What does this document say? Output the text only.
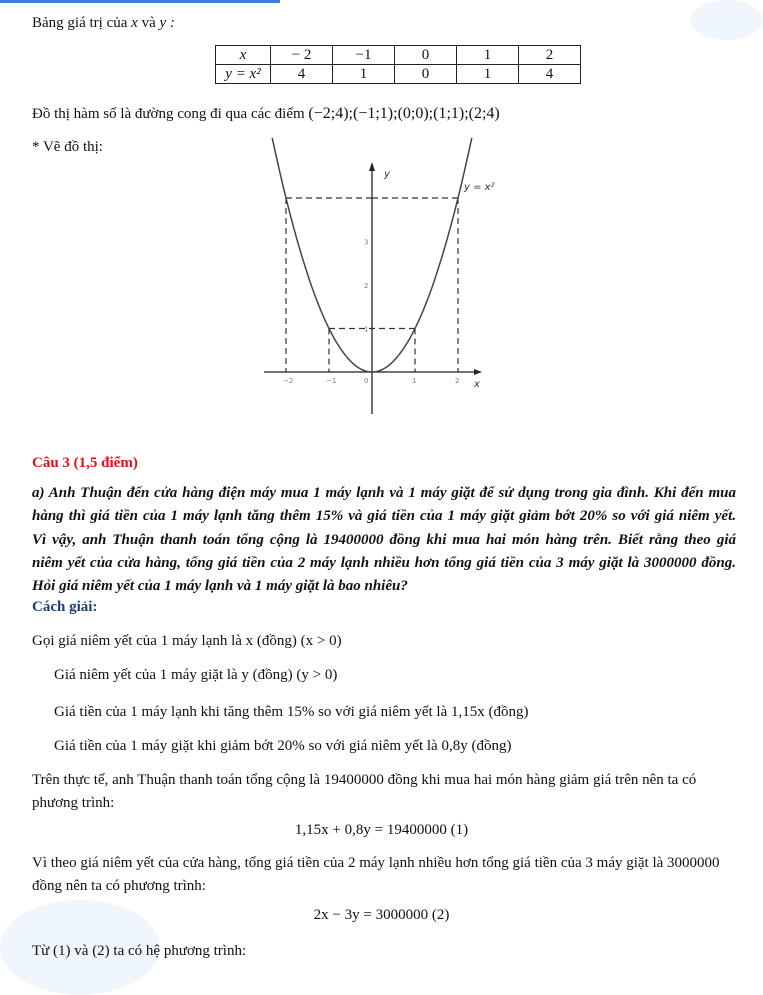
Bảng giá trị của x và y :
x	− 2	−1	0	1	2
y = x²	4	1	0	1	4
Đồ thị hàm số là đường cong đi qua các điểm (−2;4);(−1;1);(0;0);(1;1);(2;4)
* Vẽ đồ thị:
y
x
y = x²
−2	−1	0	1	2
1
2
3
Câu 3 (1,5 điểm)
a) Anh Thuận đến cửa hàng điện máy mua 1 máy lạnh và 1 máy giặt để sử dụng trong gia đình. Khi đến mua
hàng thì giá tiền của 1 máy lạnh tăng thêm 15% và giá tiền của 1 máy giặt giảm bớt 20% so với giá niêm yết.
Vì vậy, anh Thuận thanh toán tổng cộng là 19400000 đồng khi mua hai món hàng trên. Biết rằng theo giá
niêm yết của cửa hàng, tổng giá tiền của 2 máy lạnh nhiều hơn tổng giá tiền của 3 máy giặt là 3000000 đồng.
Hỏi giá niêm yết của 1 máy lạnh và 1 máy giặt là bao nhiêu?
Cách giải:
Gọi giá niêm yết của 1 máy lạnh là x (đồng) (x > 0)
Giá niêm yết của 1 máy giặt là y (đồng) (y > 0)
Giá tiền của 1 máy lạnh khi tăng thêm 15% so với giá niêm yết là 1,15x (đồng)
Giá tiền của 1 máy giặt khi giảm bớt 20% so với giá niêm yết là 0,8y (đồng)
Trên thực tế, anh Thuận thanh toán tổng cộng là 19400000 đồng khi mua hai món hàng giảm giá trên nên ta có
phương trình:
1,15x + 0,8y = 19400000 (1)
Vì theo giá niêm yết của cửa hàng, tổng giá tiền của 2 máy lạnh nhiều hơn tổng giá tiền của 3 máy giặt là 3000000
đồng nên ta có phương trình:
2x − 3y = 3000000 (2)
Từ (1) và (2) ta có hệ phương trình:
